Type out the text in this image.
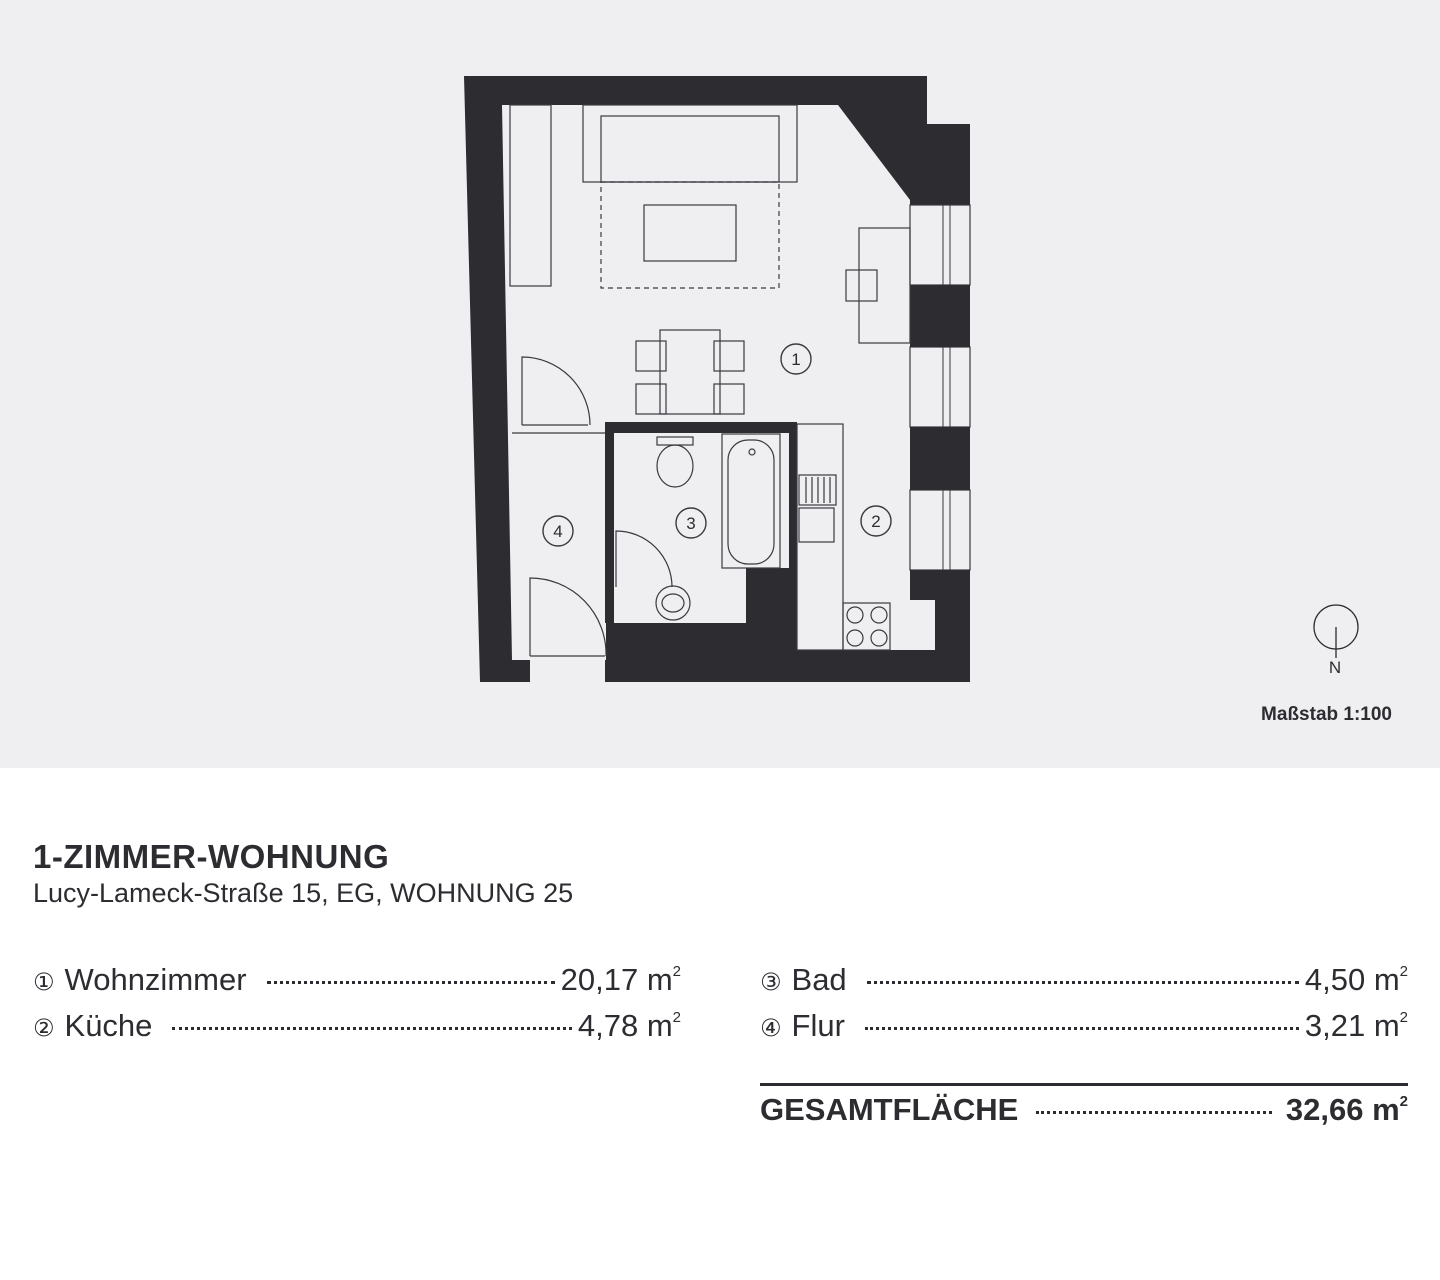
1
2
3
4
N
Maßstab 1:100
1-ZIMMER-WOHNUNG

Lucy-Lameck-Straße 15, EG, WOHNUNG 25

① Wohnzimmer	20,17 $m^2$
② Küche	4,78 $m^2$
③ Bad	4,50 $m^2$
④ Flur	3,21 $m^2$
GESAMTFLÄCHE	32,66 $m^2$
